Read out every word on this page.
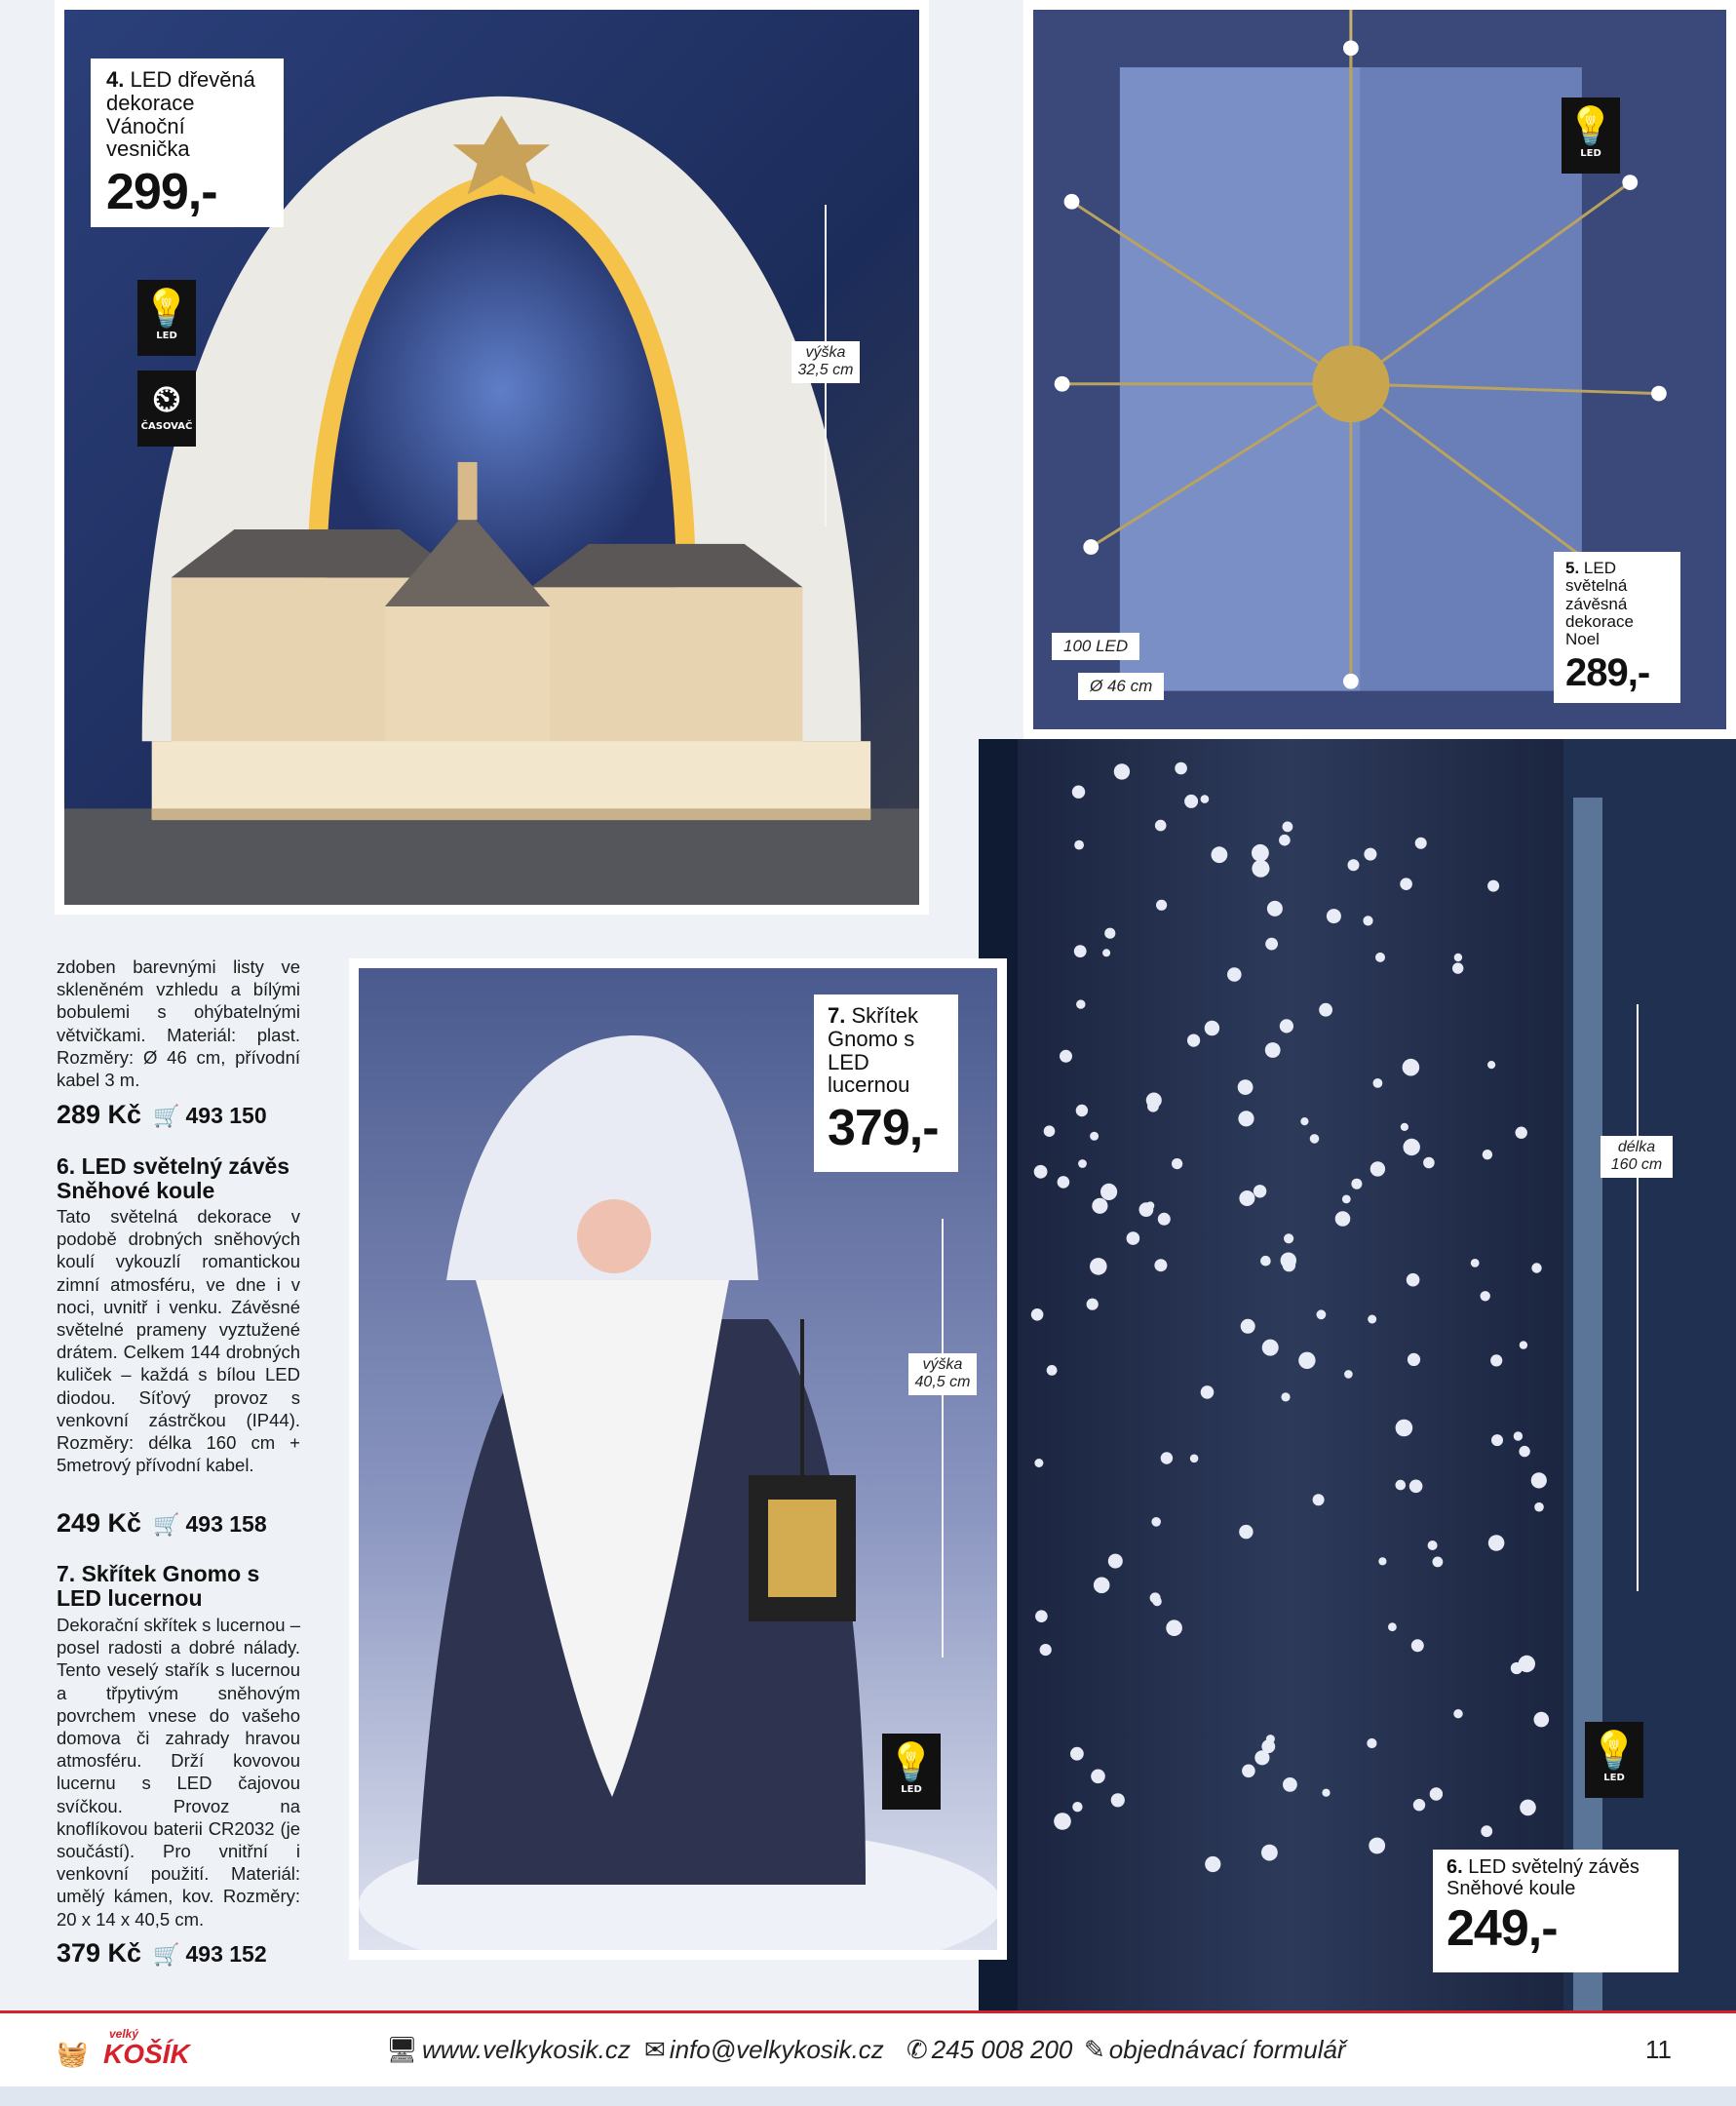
4. LED dřevěná dekorace Vánoční vesnička
299,-
💡
LED
⏲
ČASOVAČ
výška
32,5 cm
💡
LED
100 LED
Ø 46 cm
5. LED světelná závěsná dekorace Noel
289,-
délka
160 cm
💡
LED
6. LED světelný závěs Sněhové koule
249,-
7. Skřítek Gnomo s LED lucernou
379,-
výška
40,5 cm
💡
LED

zdoben barevnými listy ve skleněném vzhledu a bílými bobulemi s ohýbatelnými větvičkami. Materiál: plast. Rozměry: Ø 46 cm, přívodní kabel 3 m.

289 Kč 🛒 493 150
6. LED světelný závěs Sněhové koule

Tato světelná dekorace v podobě drobných sněhových koulí vykouzlí romantickou zimní atmosféru, ve dne i v noci, uvnitř i venku. Závěsné světelné prameny vyztužené drátem. Celkem 144 drobných kuliček – každá s bílou LED diodou. Síťový provoz s venkovní zástrčkou (IP44). Rozměry: délka 160 cm + 5metrový přívodní kabel.

249 Kč 🛒 493 158
7. Skřítek Gnomo s LED lucernou

Dekorační skřítek s lucernou – posel radosti a dobré nálady. Tento veselý stařík s lucernou a třpytivým sněhovým povrchem vnese do vašeho domova či zahrady hravou atmosféru. Drží kovovou lucernu s LED čajovou svíčkou. Provoz na knoflíkovou baterii CR2032 (je součástí). Pro vnitřní i venkovní použití. Materiál: umělý kámen, kov. Rozměry: 20 x 14 x 40,5 cm.

379 Kč 🛒 493 152
🧺
velký
KOŠÍK	🖥 www.velkykosik.cz ✉ info@velkykosik.cz ✆ 245 008 200 ✎ objednávací formulář	11
